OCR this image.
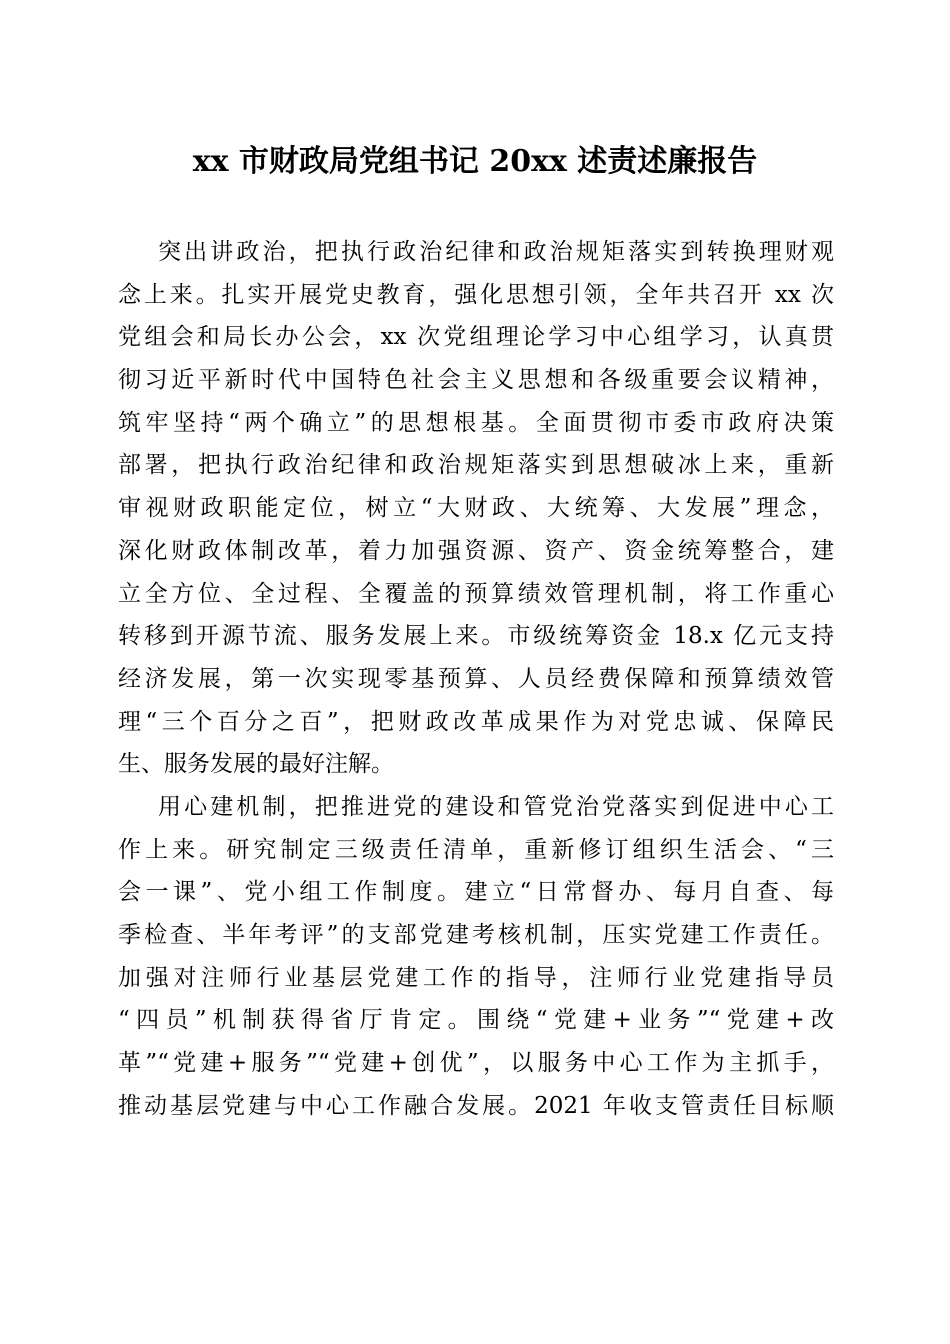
xx 市财政局党组书记 20xx 述责述廉报告
突出讲政治，把执行政治纪律和政治规矩落实到转换理财观
念上来。扎实开展党史教育，强化思想引领，全年共召开 xx 次
党组会和局长办公会，xx 次党组理论学习中心组学习，认真贯
彻习近平新时代中国特色社会主义思想和各级重要会议精神，
筑牢坚持“两个确立”的思想根基。全面贯彻市委市政府决策
部署，把执行政治纪律和政治规矩落实到思想破冰上来，重新
审视财政职能定位，树立“大财政、大统筹、大发展”理念，
深化财政体制改革，着力加强资源、资产、资金统筹整合，建
立全方位、全过程、全覆盖的预算绩效管理机制，将工作重心
转移到开源节流、服务发展上来。市级统筹资金 18.x 亿元支持
经济发展，第一次实现零基预算、人员经费保障和预算绩效管
理“三个百分之百”，把财政改革成果作为对党忠诚、保障民
生、服务发展的最好注解。
用心建机制，把推进党的建设和管党治党落实到促进中心工
作上来。研究制定三级责任清单，重新修订组织生活会、“三
会一课”、党小组工作制度。建立“日常督办、每月自查、每
季检查、半年考评”的支部党建考核机制，压实党建工作责任。
加强对注师行业基层党建工作的指导，注师行业党建指导员
“四员”机制获得省厅肯定。围绕“党建+业务”“党建+改
革”“党建+服务”“党建+创优”，以服务中心工作为主抓手，
推动基层党建与中心工作融合发展。2021 年收支管责任目标顺
